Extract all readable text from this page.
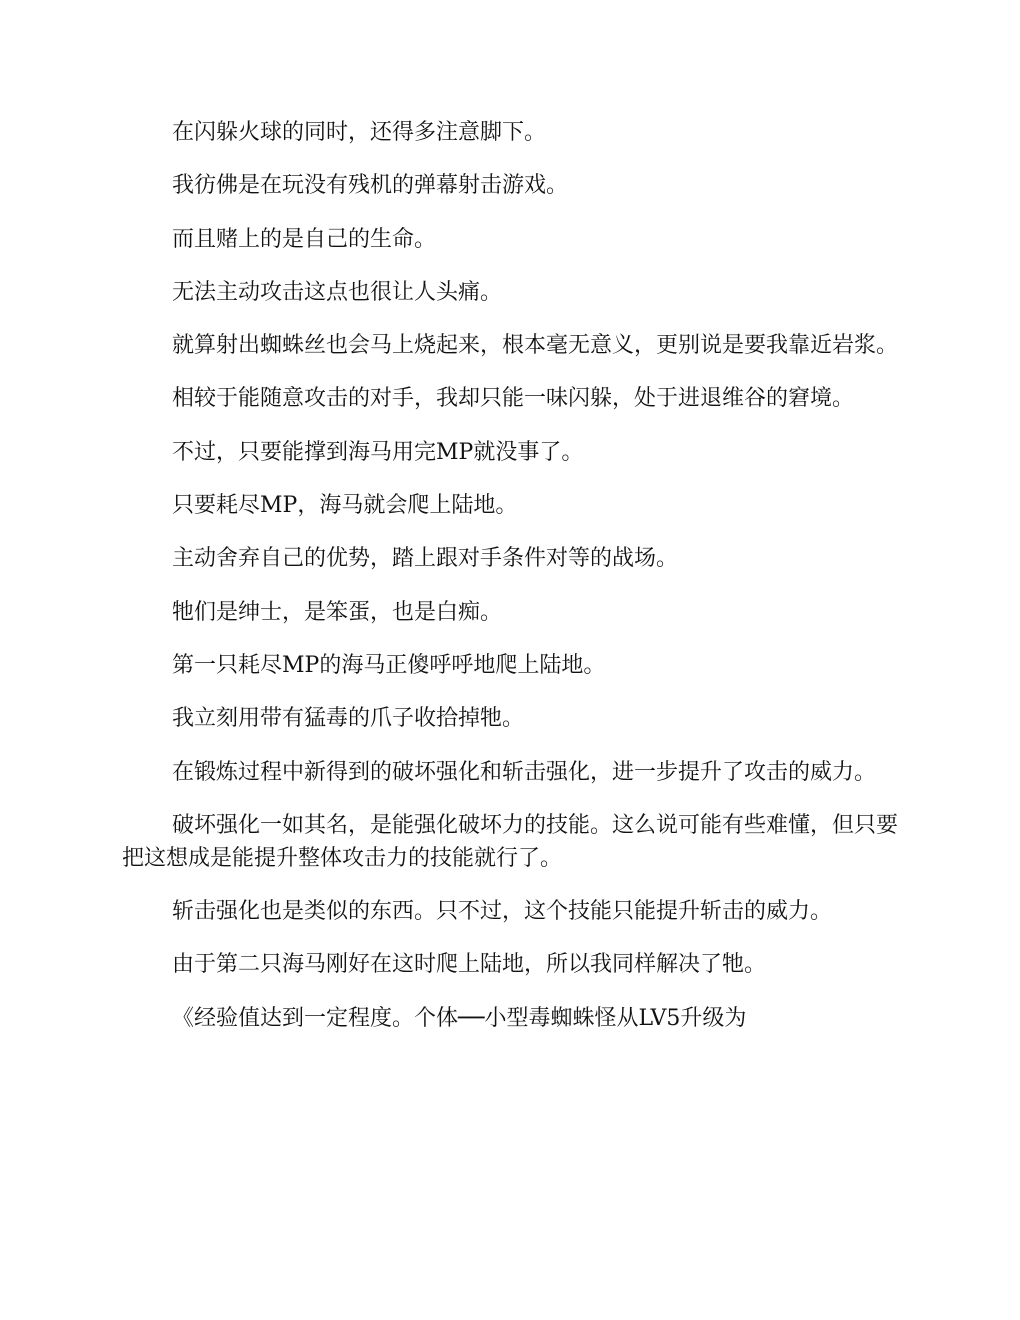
在闪躲火球的同时，还得多注意脚下。

我彷佛是在玩没有残机的弹幕射击游戏。

而且赌上的是自己的生命。

无法主动攻击这点也很让人头痛。

就算射出蜘蛛丝也会马上烧起来，根本毫无意义，更别说是要我靠近岩浆。

相较于能随意攻击的对手，我却只能一味闪躲，处于进退维谷的窘境。

不过，只要能撑到海马用完MP就没事了。

只要耗尽MP，海马就会爬上陆地。

主动舍弃自己的优势，踏上跟对手条件对等的战场。

牠们是绅士，是笨蛋，也是白痴。

第一只耗尽MP的海马正傻呼呼地爬上陆地。

我立刻用带有猛毒的爪子收拾掉牠。

在锻炼过程中新得到的破坏强化和斩击强化，进一步提升了攻击的威力。

破坏强化一如其名，是能强化破坏力的技能。这么说可能有些难懂，但只要把这想成是能提升整体攻击力的技能就行了。

斩击强化也是类似的东西。只不过，这个技能只能提升斩击的威力。

由于第二只海马刚好在这时爬上陆地，所以我同样解决了牠。

《经验值达到一定程度。个体──小型毒蜘蛛怪从LV5升级为
